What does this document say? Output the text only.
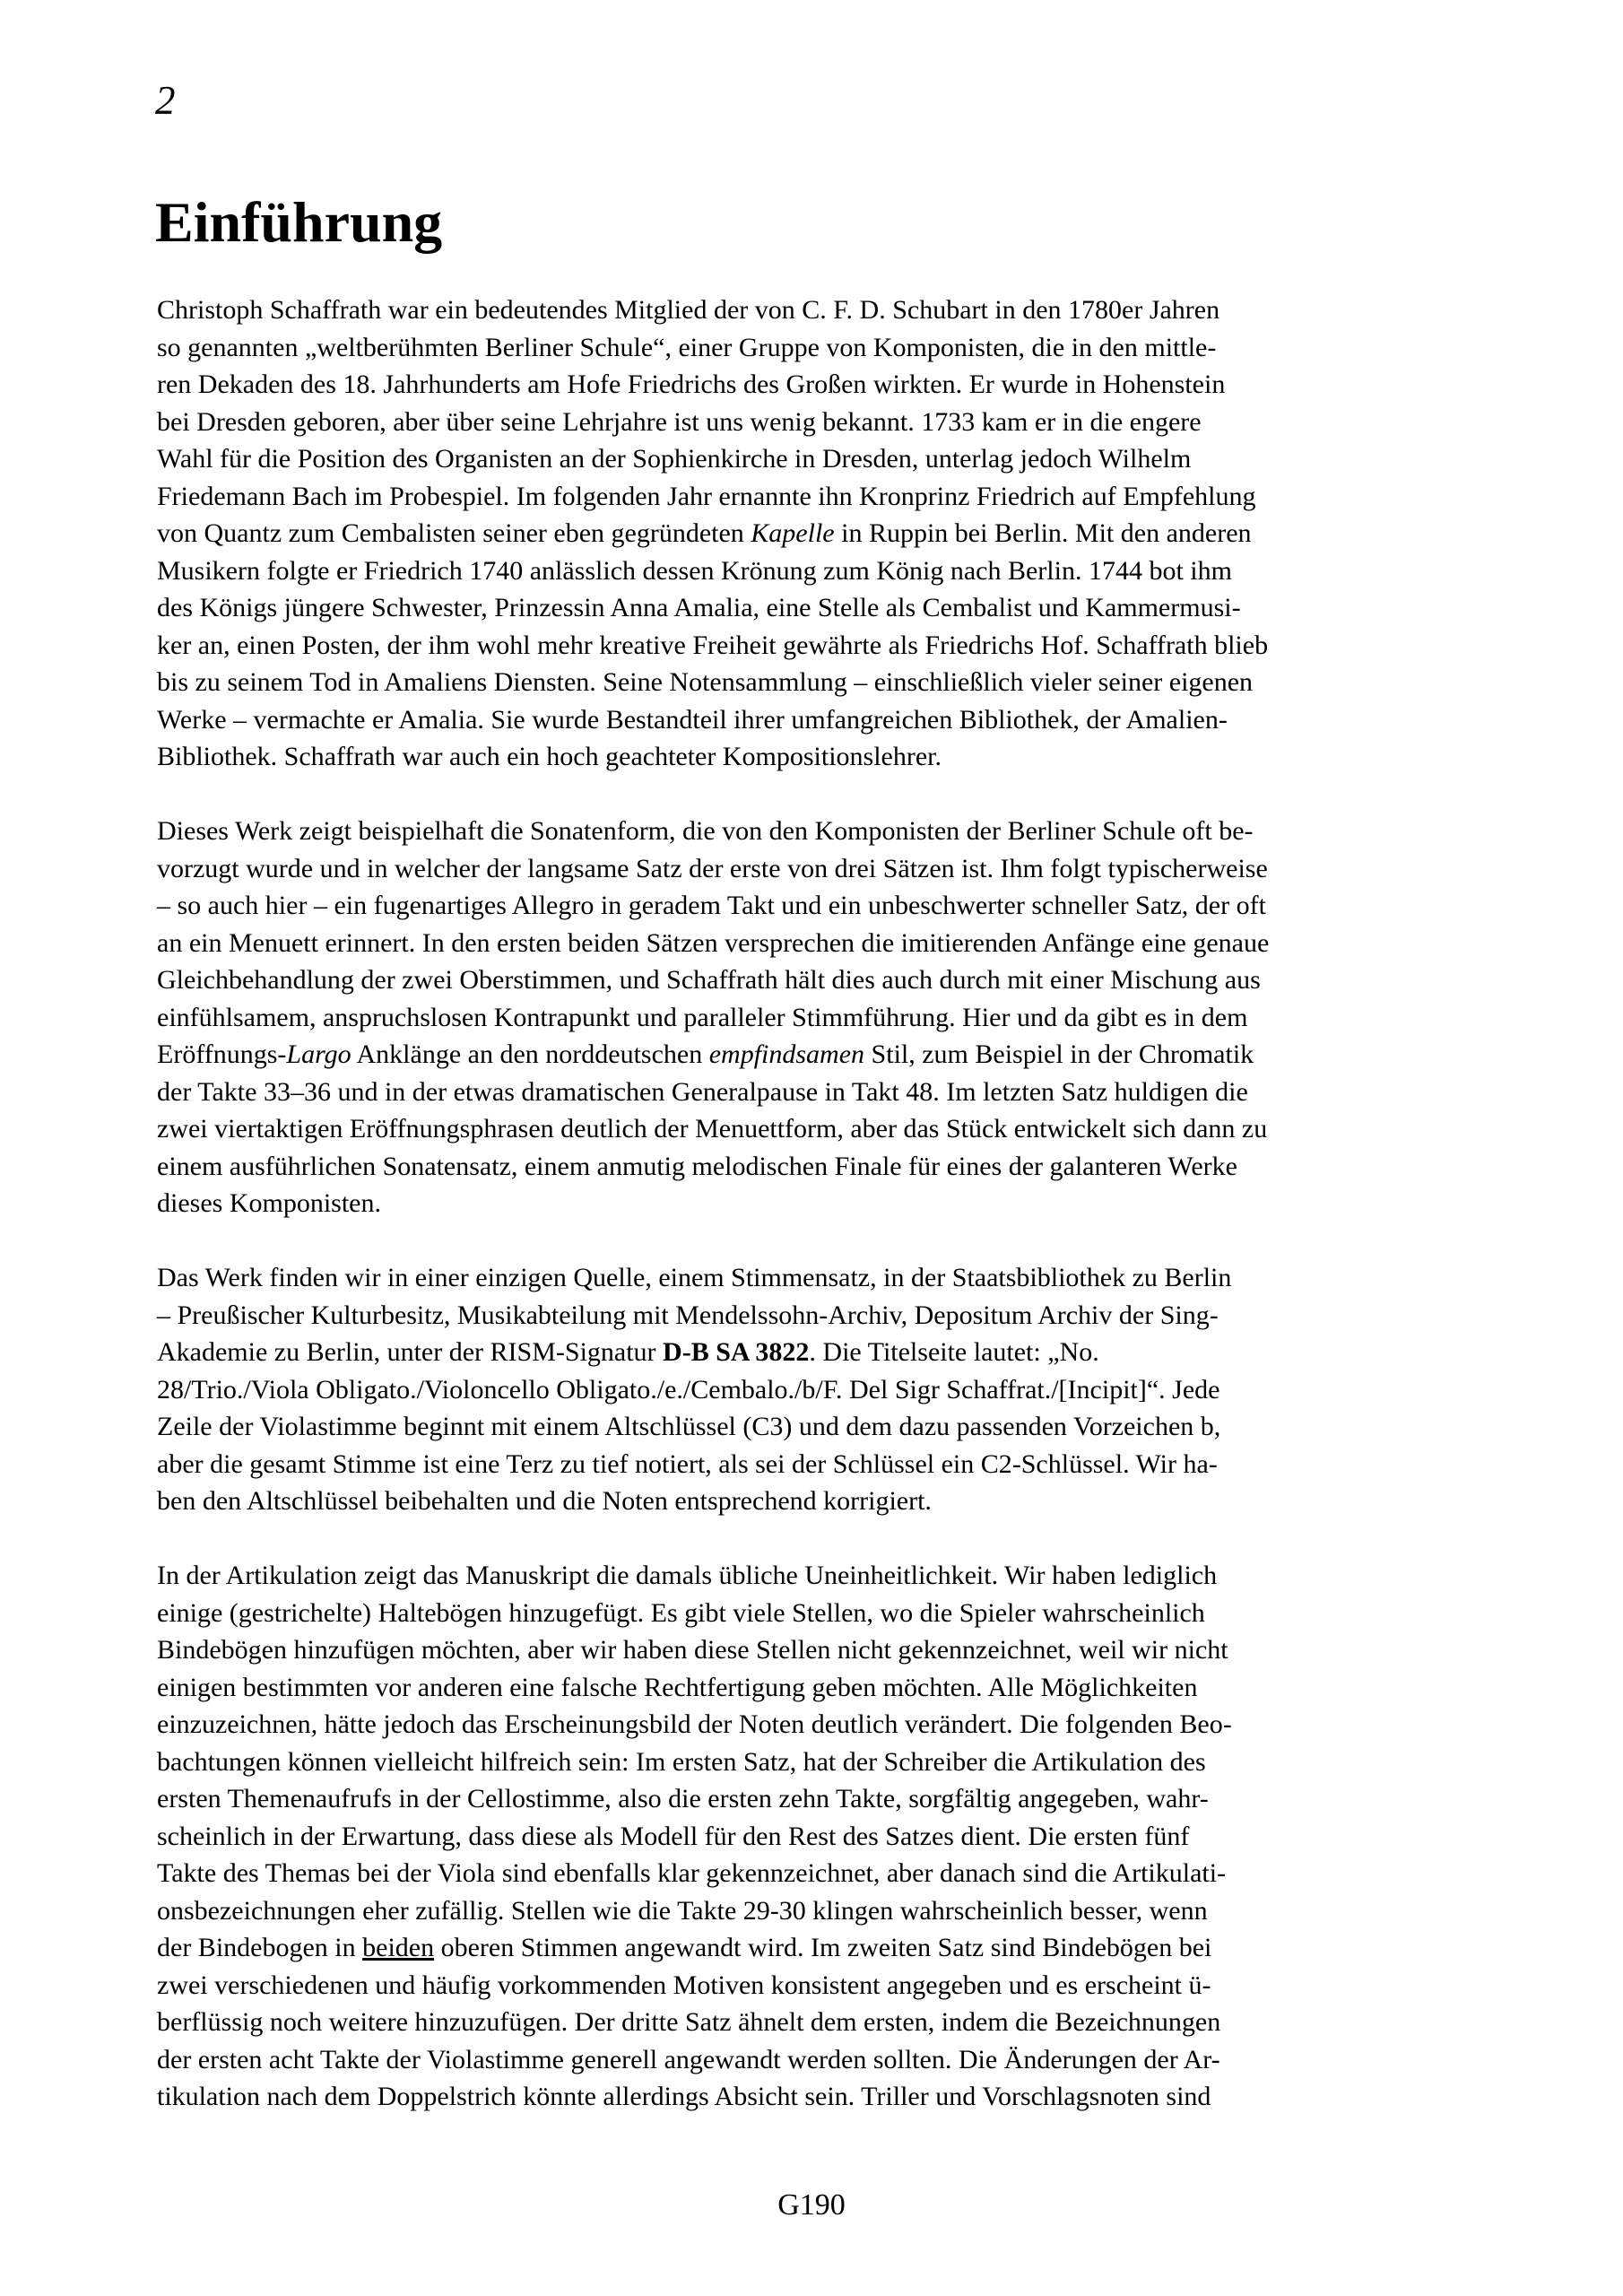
2
Einführung
Christoph Schaffrath war ein bedeutendes Mitglied der von C. F. D. Schubart in den 1780er Jahren
so genannten „weltberühmten Berliner Schule“, einer Gruppe von Komponisten, die in den mittle-
ren Dekaden des 18. Jahrhunderts am Hofe Friedrichs des Großen wirkten. Er wurde in Hohenstein
bei Dresden geboren, aber über seine Lehrjahre ist uns wenig bekannt. 1733 kam er in die engere
Wahl für die Position des Organisten an der Sophienkirche in Dresden, unterlag jedoch Wilhelm
Friedemann Bach im Probespiel. Im folgenden Jahr ernannte ihn Kronprinz Friedrich auf Empfehlung
von Quantz zum Cembalisten seiner eben gegründeten Kapelle in Ruppin bei Berlin. Mit den anderen
Musikern folgte er Friedrich 1740 anlässlich dessen Krönung zum König nach Berlin. 1744 bot ihm
des Königs jüngere Schwester, Prinzessin Anna Amalia, eine Stelle als Cembalist und Kammermusi-
ker an, einen Posten, der ihm wohl mehr kreative Freiheit gewährte als Friedrichs Hof. Schaffrath blieb
bis zu seinem Tod in Amaliens Diensten. Seine Notensammlung – einschließlich vieler seiner eigenen
Werke – vermachte er Amalia. Sie wurde Bestandteil ihrer umfangreichen Bibliothek, der Amalien-
Bibliothek. Schaffrath war auch ein hoch geachteter Kompositionslehrer.
Dieses Werk zeigt beispielhaft die Sonatenform, die von den Komponisten der Berliner Schule oft be-
vorzugt wurde und in welcher der langsame Satz der erste von drei Sätzen ist. Ihm folgt typischerweise
– so auch hier – ein fugenartiges Allegro in geradem Takt und ein unbeschwerter schneller Satz, der oft
an ein Menuett erinnert. In den ersten beiden Sätzen versprechen die imitierenden Anfänge eine genaue
Gleichbehandlung der zwei Oberstimmen, und Schaffrath hält dies auch durch mit einer Mischung aus
einfühlsamem, anspruchslosen Kontrapunkt und paralleler Stimmführung. Hier und da gibt es in dem
Eröffnungs-Largo Anklänge an den norddeutschen empfindsamen Stil, zum Beispiel in der Chromatik
der Takte 33–36 und in der etwas dramatischen Generalpause in Takt 48. Im letzten Satz huldigen die
zwei viertaktigen Eröffnungsphrasen deutlich der Menuettform, aber das Stück entwickelt sich dann zu
einem ausführlichen Sonatensatz, einem anmutig melodischen Finale für eines der galanteren Werke
dieses Komponisten.
Das Werk finden wir in einer einzigen Quelle, einem Stimmensatz, in der Staatsbibliothek zu Berlin
– Preußischer Kulturbesitz, Musikabteilung mit Mendelssohn-Archiv, Depositum Archiv der Sing-
Akademie zu Berlin, unter der RISM-Signatur D-B SA 3822. Die Titelseite lautet: „No.
28/Trio./Viola Obligato./Violoncello Obligato./e./Cembalo./b/F. Del Sigr Schaffrat./[Incipit]“. Jede
Zeile der Violastimme beginnt mit einem Altschlüssel (C3) und dem dazu passenden Vorzeichen b,
aber die gesamt Stimme ist eine Terz zu tief notiert, als sei der Schlüssel ein C2-Schlüssel. Wir ha-
ben den Altschlüssel beibehalten und die Noten entsprechend korrigiert.
In der Artikulation zeigt das Manuskript die damals übliche Uneinheitlichkeit. Wir haben lediglich
einige (gestrichelte) Haltebögen hinzugefügt. Es gibt viele Stellen, wo die Spieler wahrscheinlich
Bindebögen hinzufügen möchten, aber wir haben diese Stellen nicht gekennzeichnet, weil wir nicht
einigen bestimmten vor anderen eine falsche Rechtfertigung geben möchten. Alle Möglichkeiten
einzuzeichnen, hätte jedoch das Erscheinungsbild der Noten deutlich verändert. Die folgenden Beo-
bachtungen können vielleicht hilfreich sein: Im ersten Satz, hat der Schreiber die Artikulation des
ersten Themenaufrufs in der Cellostimme, also die ersten zehn Takte, sorgfältig angegeben, wahr-
scheinlich in der Erwartung, dass diese als Modell für den Rest des Satzes dient. Die ersten fünf
Takte des Themas bei der Viola sind ebenfalls klar gekennzeichnet, aber danach sind die Artikulati-
onsbezeichnungen eher zufällig. Stellen wie die Takte 29-30 klingen wahrscheinlich besser, wenn
der Bindebogen in beiden oberen Stimmen angewandt wird. Im zweiten Satz sind Bindebögen bei
zwei verschiedenen und häufig vorkommenden Motiven konsistent angegeben und es erscheint ü-
berflüssig noch weitere hinzuzufügen. Der dritte Satz ähnelt dem ersten, indem die Bezeichnungen
der ersten acht Takte der Violastimme generell angewandt werden sollten. Die Änderungen der Ar-
tikulation nach dem Doppelstrich könnte allerdings Absicht sein. Triller und Vorschlagsnoten sind
G190
